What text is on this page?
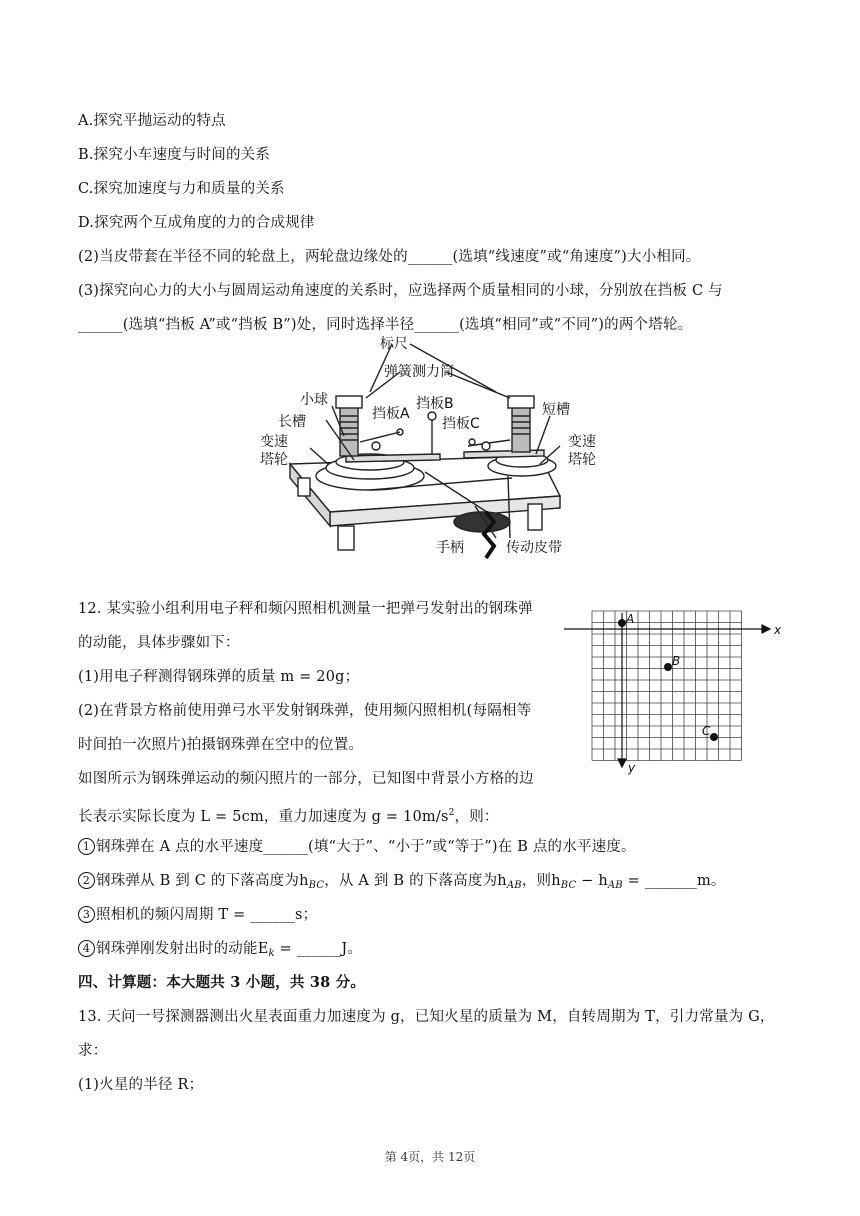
A.探究平抛运动的特点
B.探究小车速度与时间的关系
C.探究加速度与力和质量的关系
D.探究两个互成角度的力的合成规律
(2)当皮带套在半径不同的轮盘上，两轮盘边缘处的______(选填“线速度”或“角速度”)大小相同。
(3)探究向心力的大小与圆周运动角速度的关系时，应选择两个质量相同的小球，分别放在挡板 C 与
______(选填“挡板 A”或“挡板 B”)处，同时选择半径______(选填“相同”或“不同”)的两个塔轮。
标尺
弹簧测力筒
小球
挡板A
挡板B
挡板C
长槽
短槽
变速
塔轮
变速
塔轮
手柄	传动皮带
12. 某实验小组利用电子秤和频闪照相机测量一把弹弓发射出的钢珠弹
的动能，具体步骤如下：
(1)用电子秤测得钢珠弹的质量 m = 20g；
(2)在背景方格前使用弹弓水平发射钢珠弹，使用频闪照相机(每隔相等
时间拍一次照片)拍摄钢珠弹在空中的位置。
如图所示为钢珠弹运动的频闪照片的一部分，已知图中背景小方格的边
长表示实际长度为 L = 5cm，重力加速度为 $g = 10m/s^2$，则：
1 钢珠弹在 A 点的水平速度______(填“大于”、“小于”或“等于”)在 B 点的水平速度。
2 钢珠弹从 B 到 C 的下落高度为$h_{BC}$，从 A 到 B 的下落高度为$h_{AB}$，则$h_{BC} - h_{AB}$ = _______m。
3 照相机的频闪周期 T = ______s；
4 钢珠弹刚发射出时的动能$E_k$ = ______J。
x
y
A
B
C
四、计算题：本大题共 3 小题，共 38 分。
13. 天问一号探测器测出火星表面重力加速度为 g，已知火星的质量为 M，自转周期为 T，引力常量为 G，
求：
(1)火星的半径 R；
第 4页，共 12页
